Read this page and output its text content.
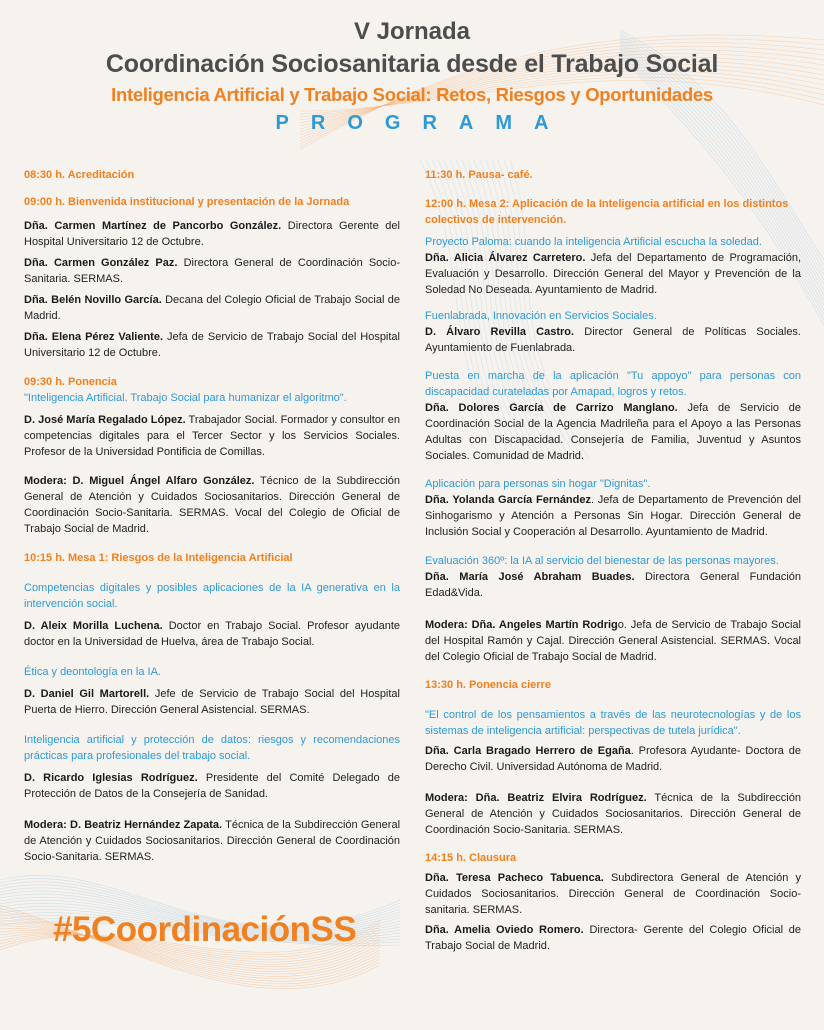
V Jornada
Coordinación Sociosanitaria desde el Trabajo Social
Inteligencia Artificial y Trabajo Social: Retos, Riesgos y Oportunidades
PROGRAMA
08:30 h. Acreditación
09:00 h. Bienvenida institucional y presentación de la Jornada
Dña. Carmen Martínez de Pancorbo González. Directora Gerente del Hospital Universitario 12 de Octubre.
Dña. Carmen González Paz. Directora General de Coordinación Socio-Sanitaria. SERMAS.
Dña. Belén Novillo García. Decana del Colegio Oficial de Trabajo Social de Madrid.
Dña. Elena Pérez Valiente. Jefa de Servicio de Trabajo Social del Hospital Universitario 12 de Octubre.
09:30 h. Ponencia
"Inteligencia Artificial. Trabajo Social para humanizar el algoritmo".
D. José María Regalado López. Trabajador Social. Formador y consultor en competencias digitales para el Tercer Sector y los Servicios Sociales. Profesor de la Universidad Pontificia de Comillas.
Modera: D. Miguel Ángel Alfaro González. Técnico de la Subdirección General de Atención y Cuidados Sociosanitarios. Dirección General de Coordinación Socio-Sanitaria. SERMAS. Vocal del Colegio de Oficial de Trabajo Social de Madrid.
10:15 h. Mesa 1: Riesgos de la Inteligencia Artificial
Competencias digitales y posibles aplicaciones de la IA generativa en la intervención social.
D. Aleix Morilla Luchena. Doctor en Trabajo Social. Profesor ayudante doctor en la Universidad de Huelva, área de Trabajo Social.
Ética y deontología en la IA.
D. Daniel Gil Martorell. Jefe de Servicio de Trabajo Social del Hospital Puerta de Hierro. Dirección General Asistencial. SERMAS.
Inteligencia artificial y protección de datos: riesgos y recomendaciones prácticas para profesionales del trabajo social.
D. Ricardo Iglesias Rodríguez. Presidente del Comité Delegado de Protección de Datos de la Consejería de Sanidad.
Modera: D. Beatriz Hernández Zapata. Técnica de la Subdirección General de Atención y Cuidados Sociosanitarios. Dirección General de Coordinación Socio-Sanitaria. SERMAS.
11:30 h. Pausa- café.
12:00 h. Mesa 2: Aplicación de la Inteligencia artificial en los distintos colectivos de intervención.
Proyecto Paloma: cuando la inteligencia Artificial escucha la soledad.
Dña. Alicia Álvarez Carretero. Jefa del Departamento de Programación, Evaluación y Desarrollo. Dirección General del Mayor y Prevención de la Soledad No Deseada. Ayuntamiento de Madrid.
Fuenlabrada, Innovación en Servicios Sociales.
D. Álvaro Revilla Castro. Director General de Políticas Sociales. Ayuntamiento de Fuenlabrada.
Puesta en marcha de la aplicación "Tu appoyo" para personas con discapacidad curateladas por Amapad, logros y retos.
Dña. Dolores García de Carrizo Manglano. Jefa de Servicio de Coordinación Social de la Agencia Madrileña para el Apoyo a las Personas Adultas con Discapacidad. Consejería de Familia, Juventud y Asuntos Sociales. Comunidad de Madrid.
Aplicación para personas sin hogar "Dignitas".
Dña. Yolanda García Fernández. Jefa de Departamento de Prevención del Sinhogarismo y Atención a Personas Sin Hogar. Dirección General de Inclusión Social y Cooperación al Desarrollo. Ayuntamiento de Madrid.
Evaluación 360º: la IA al servicio del bienestar de las personas mayores.
Dña. María José Abraham Buades. Directora General Fundación Edad&Vida.
Modera: Dña. Angeles Martín Rodrigo. Jefa de Servicio de Trabajo Social del Hospital Ramón y Cajal. Dirección General Asistencial. SERMAS. Vocal del Colegio Oficial de Trabajo Social de Madrid.
13:30 h. Ponencia cierre
"El control de los pensamientos a través de las neurotecnologías y de los sistemas de inteligencia artificial: perspectivas de tutela jurídica".
Dña. Carla Bragado Herrero de Egaña. Profesora Ayudante- Doctora de Derecho Civil. Universidad Autónoma de Madrid.
Modera: Dña. Beatriz Elvira Rodríguez. Técnica de la Subdirección General de Atención y Cuidados Sociosanitarios. Dirección General de Coordinación Socio-Sanitaria. SERMAS.
14:15 h. Clausura
Dña. Teresa Pacheco Tabuenca. Subdirectora General de Atención y Cuidados Sociosanitarios. Dirección General de Coordinación Socio-sanitaria. SERMAS.
Dña. Amelia Oviedo Romero. Directora- Gerente del Colegio Oficial de Trabajo Social de Madrid.
#5CoordinaciónSS
